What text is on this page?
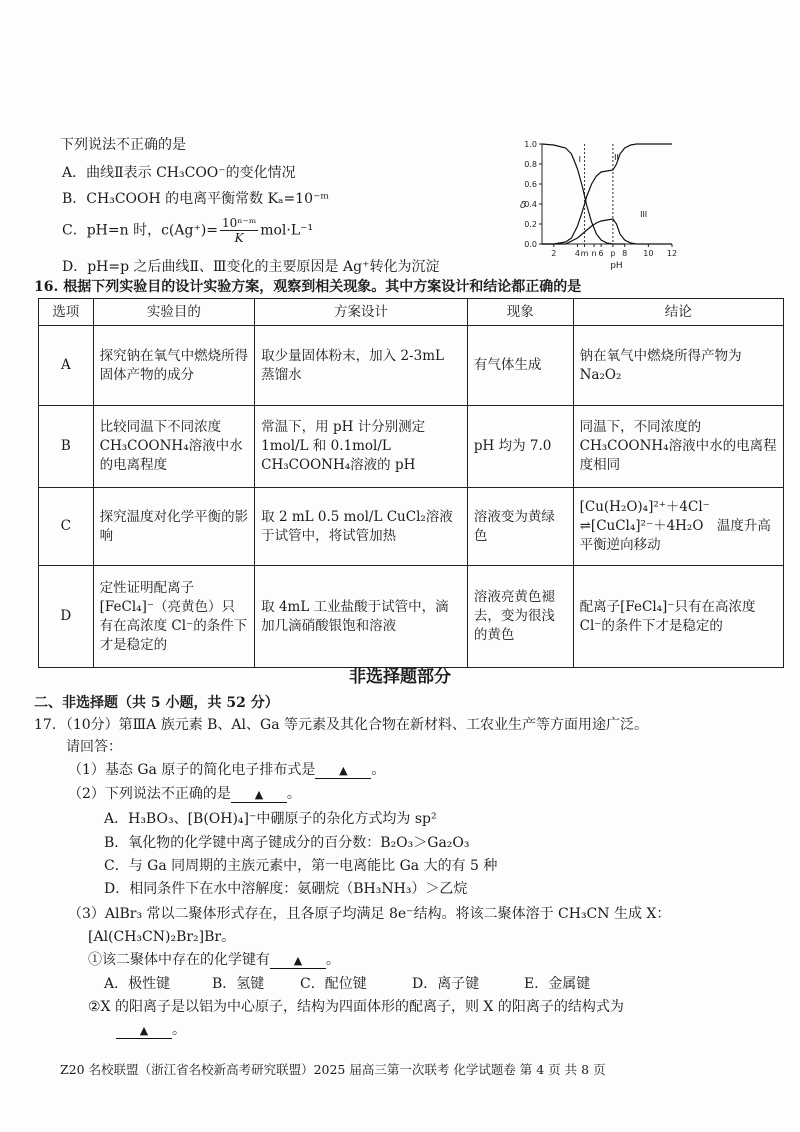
下列说法不正确的是
A．曲线Ⅱ表示 CH₃COO⁻的变化情况
B．CH₃COOH 的电离平衡常数 Kₐ=10⁻ᵐ
C．pH=n 时，$c(Ag^+)= \frac{\text{10ⁿ⁻ᵐ}}{K} mol\cdot L^{-1}$
D．pH=p 之后曲线Ⅱ、Ⅲ变化的主要原因是 Ag⁺转化为沉淀
0.0
0.2
0.4
0.6
0.8
1.0
2 4 m n 6 p 8 10 12
pH
δ
I	II
III
16. 根据下列实验目的设计实验方案，观察到相关现象。其中方案设计和结论都正确的是
选项	实验目的	方案设计	现象	结论
A	探究钠在氧气中燃烧所得固体产物的成分	取少量固体粉末，加入 2-3mL 蒸馏水	有气体生成	钠在氧气中燃烧所得产物为 Na₂O₂
B	比较同温下不同浓度 CH₃COONH₄溶液中水的电离程度	常温下，用 pH 计分别测定 1mol/L 和 0.1mol/L CH₃COONH₄溶液的 pH	pH 均为 7.0	同温下，不同浓度的 CH₃COONH₄溶液中水的电离程度相同
C	探究温度对化学平衡的影响	取 2 mL 0.5 mol/L CuCl₂溶液于试管中，将试管加热	溶液变为黄绿色	[Cu(H₂O)₄]²⁺＋4Cl⁻ ⇌[CuCl₄]²⁻＋4H₂O　温度升高平衡逆向移动
D	定性证明配离子[FeCl₄]⁻（亮黄色）只有在高浓度 Cl⁻的条件下才是稳定的	取 4mL 工业盐酸于试管中，滴加几滴硝酸银饱和溶液	溶液亮黄色褪去，变为很浅的黄色	配离子[FeCl₄]⁻只有在高浓度 Cl⁻的条件下才是稳定的
非选择题部分
二、非选择题（共 5 小题，共 52 分）
17．（10分）第ⅢA 族元素 B、Al、Ga 等元素及其化合物在新材料、工农业生产等方面用途广泛。
请回答：
（1）基态 Ga 原子的简化电子排布式是 ▲ 。
（2）下列说法不正确的是 ▲ 。
A．H₃BO₃、[B(OH)₄]⁻中硼原子的杂化方式均为 sp²
B．氧化物的化学键中离子键成分的百分数：B₂O₃＞Ga₂O₃
C．与 Ga 同周期的主族元素中，第一电离能比 Ga 大的有 5 种
D．相同条件下在水中溶解度：氨硼烷（BH₃NH₃）＞乙烷
（3）AlBr₃ 常以二聚体形式存在，且各原子均满足 8e⁻结构。将该二聚体溶于 CH₃CN 生成 X：
[Al(CH₃CN)₂Br₂]Br。
①该二聚体中存在的化学键有 ▲ 。
A．极性键	B．氢键	C．配位键	D．离子键	E．金属键
②X 的阳离子是以铝为中心原子，结构为四面体形的配离子，则 X 的阳离子的结构式为
▲ 。
Z20 名校联盟（浙江省名校新高考研究联盟）2025 届高三第一次联考 化学试题卷 第 4 页 共 8 页
